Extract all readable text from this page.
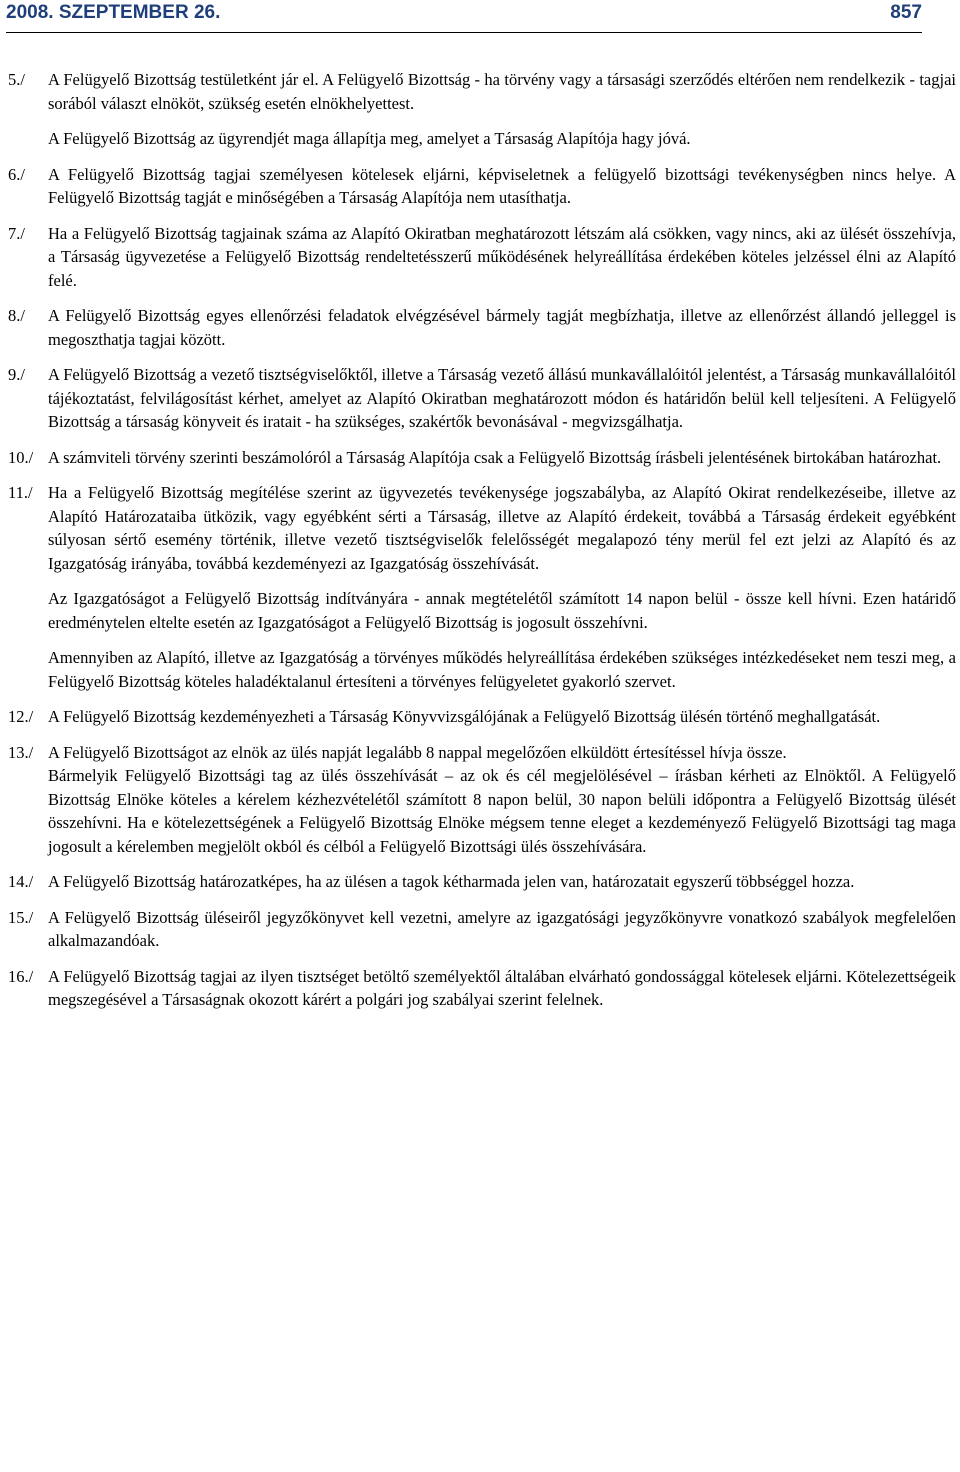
2008. SZEPTEMBER 26.	857
5./ A Felügyelő Bizottság testületként jár el. A Felügyelő Bizottság - ha törvény vagy a társasági szerződés eltérően nem rendelkezik - tagjai sorából választ elnököt, szükség esetén elnökhelyettest.

A Felügyelő Bizottság az ügyrendjét maga állapítja meg, amelyet a Társaság Alapítója hagy jóvá.

6./ A Felügyelő Bizottság tagjai személyesen kötelesek eljárni, képviseletnek a felügyelő bizottsági tevékenységben nincs helye. A Felügyelő Bizottság tagját e minőségében a Társaság Alapítója nem utasíthatja.

7./ Ha a Felügyelő Bizottság tagjainak száma az Alapító Okiratban meghatározott létszám alá csökken, vagy nincs, aki az ülését összehívja, a Társaság ügyvezetése a Felügyelő Bizottság rendeltetésszerű működésének helyreállítása érdekében köteles jelzéssel élni az Alapító felé.

8./ A Felügyelő Bizottság egyes ellenőrzési feladatok elvégzésével bármely tagját megbízhatja, illetve az ellenőrzést állandó jelleggel is megoszthatja tagjai között.

9./ A Felügyelő Bizottság a vezető tisztségviselőktől, illetve a Társaság vezető állású munkavállalóitól jelentést, a Társaság munkavállalóitól tájékoztatást, felvilágosítást kérhet, amelyet az Alapító Okiratban meghatározott módon és határidőn belül kell teljesíteni. A Felügyelő Bizottság a társaság könyveit és iratait - ha szükséges, szakértők bevonásával - megvizsgálhatja.

10./ A számviteli törvény szerinti beszámolóról a Társaság Alapítója csak a Felügyelő Bizottság írásbeli jelentésének birtokában határozhat.

11./ Ha a Felügyelő Bizottság megítélése szerint az ügyvezetés tevékenysége jogszabályba, az Alapító Okirat rendelkezéseibe, illetve az Alapító Határozataiba ütközik, vagy egyébként sérti a Társaság, illetve az Alapító érdekeit, továbbá a Társaság érdekeit egyébként súlyosan sértő esemény történik, illetve vezető tisztségviselők felelősségét megalapozó tény merül fel ezt jelzi az Alapító és az Igazgatóság irányába, továbbá kezdeményezi az Igazgatóság összehívását.

Az Igazgatóságot a Felügyelő Bizottság indítványára - annak megtételétől számított 14 napon belül - össze kell hívni. Ezen határidő eredménytelen eltelte esetén az Igazgatóságot a Felügyelő Bizottság is jogosult összehívni.

Amennyiben az Alapító, illetve az Igazgatóság a törvényes működés helyreállítása érdekében szükséges intézkedéseket nem teszi meg, a Felügyelő Bizottság köteles haladéktalanul értesíteni a törvényes felügyeletet gyakorló szervet.

12./ A Felügyelő Bizottság kezdeményezheti a Társaság Könyvvizsgálójának a Felügyelő Bizottság ülésén történő meghallgatását.

13./ A Felügyelő Bizottságot az elnök az ülés napját legalább 8 nappal megelőzően elküldött értesítéssel hívja össze.

Bármelyik Felügyelő Bizottsági tag az ülés összehívását – az ok és cél megjelölésével – írásban kérheti az Elnöktől. A Felügyelő Bizottság Elnöke köteles a kérelem kézhezvételétől számított 8 napon belül, 30 napon belüli időpontra a Felügyelő Bizottság ülését összehívni. Ha e kötelezettségének a Felügyelő Bizottság Elnöke mégsem tenne eleget a kezdeményező Felügyelő Bizottsági tag maga jogosult a kérelemben megjelölt okból és célból a Felügyelő Bizottsági ülés összehívására.

14./ A Felügyelő Bizottság határozatképes, ha az ülésen a tagok kétharmada jelen van, határozatait egyszerű többséggel hozza.

15./ A Felügyelő Bizottság üléseiről jegyzőkönyvet kell vezetni, amelyre az igazgatósági jegyzőkönyvre vonatkozó szabályok megfelelően alkalmazandóak.

16./ A Felügyelő Bizottság tagjai az ilyen tisztséget betöltő személyektől általában elvárható gondossággal kötelesek eljárni. Kötelezettségeik megszegésével a Társaságnak okozott kárért a polgári jog szabályai szerint felelnek.
